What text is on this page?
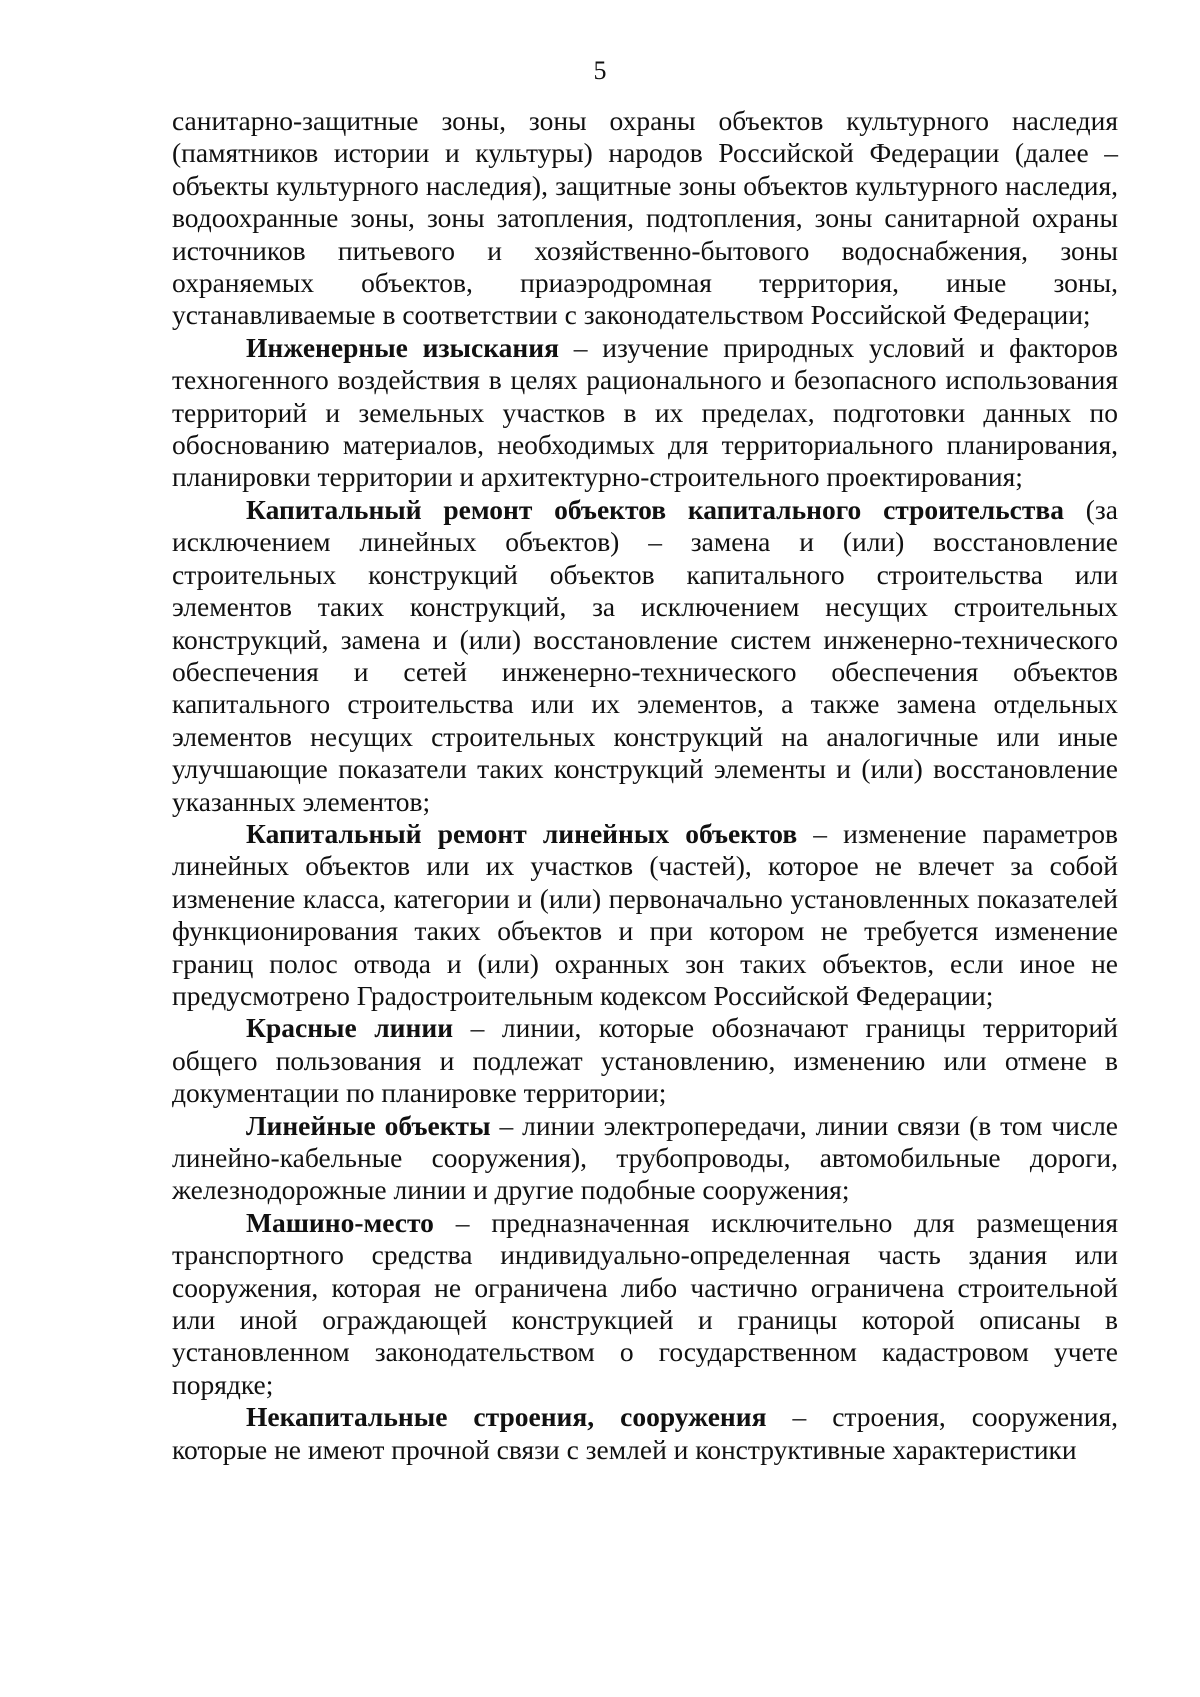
5

санитарно-защитные зоны, зоны охраны объектов культурного наследия (памятников истории и культуры) народов Российской Федерации (далее – объекты культурного наследия), защитные зоны объектов культурного наследия, водоохранные зоны, зоны затопления, подтопления, зоны санитарной охраны источников питьевого и хозяйственно-бытового водоснабжения, зоны охраняемых объектов, приаэродромная территория, иные зоны, устанавливаемые в соответствии с законодательством Российской Федерации;

Инженерные изыскания – изучение природных условий и факторов техногенного воздействия в целях рационального и безопасного использования территорий и земельных участков в их пределах, подготовки данных по обоснованию материалов, необходимых для территориального планирования, планировки территории и архитектурно-строительного проектирования;

Капитальный ремонт объектов капитального строительства (за исключением линейных объектов) – замена и (или) восстановление строительных конструкций объектов капитального строительства или элементов таких конструкций, за исключением несущих строительных конструкций, замена и (или) восстановление систем инженерно-технического обеспечения и сетей инженерно-технического обеспечения объектов капитального строительства или их элементов, а также замена отдельных элементов несущих строительных конструкций на аналогичные или иные улучшающие показатели таких конструкций элементы и (или) восстановление указанных элементов;

Капитальный ремонт линейных объектов – изменение параметров линейных объектов или их участков (частей), которое не влечет за собой изменение класса, категории и (или) первоначально установленных показателей функционирования таких объектов и при котором не требуется изменение границ полос отвода и (или) охранных зон таких объектов, если иное не предусмотрено Градостроительным кодексом Российской Федерации;

Красные линии – линии, которые обозначают границы территорий общего пользования и подлежат установлению, изменению или отмене в документации по планировке территории;

Линейные объекты – линии электропередачи, линии связи (в том числе линейно-кабельные сооружения), трубопроводы, автомобильные дороги, железнодорожные линии и другие подобные сооружения;

Машино-место – предназначенная исключительно для размещения транспортного средства индивидуально-определенная часть здания или сооружения, которая не ограничена либо частично ограничена строительной или иной ограждающей конструкцией и границы которой описаны в установленном законодательством о государственном кадастровом учете порядке;

Некапитальные строения, сооружения – строения, сооружения, которые не имеют прочной связи с землей и конструктивные характеристики
